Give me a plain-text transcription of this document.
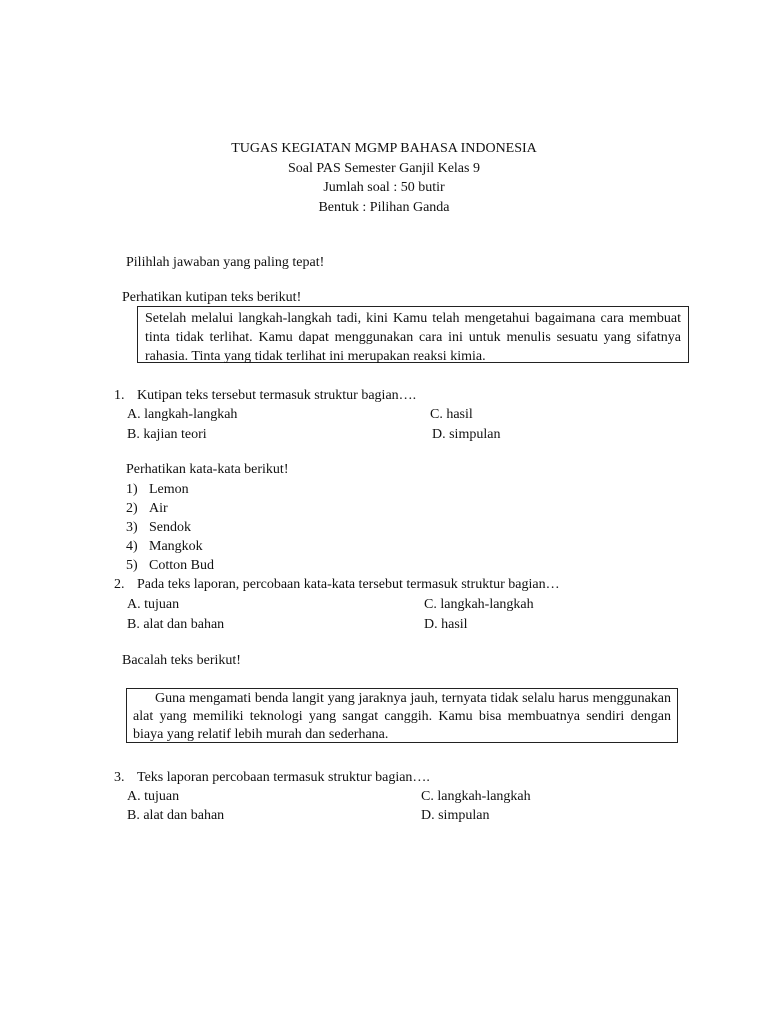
TUGAS KEGIATAN MGMP BAHASA INDONESIA
Soal PAS Semester Ganjil Kelas 9
Jumlah soal : 50 butir
Bentuk : Pilihan Ganda
Pilihlah jawaban yang paling tepat!
Perhatikan kutipan teks berikut!

Setelah melalui langkah-langkah tadi, kini Kamu telah mengetahui bagaimana cara membuat tinta tidak terlihat. Kamu dapat menggunakan cara ini untuk menulis sesuatu yang sifatnya rahasia. Tinta yang tidak terlihat ini merupakan reaksi kimia.

1. Kutipan teks tersebut termasuk struktur bagian….
A. langkah-langkah	C. hasil
B. kajian teori	D. simpulan
Perhatikan kata-kata berikut!
1) Lemon
2) Air
3) Sendok
4) Mangkok
5) Cotton Bud
2. Pada teks laporan, percobaan kata-kata tersebut termasuk struktur bagian…
A. tujuan	C. langkah-langkah
B. alat dan bahan	D. hasil
Bacalah teks berikut!

Guna mengamati benda langit yang jaraknya jauh, ternyata tidak selalu harus menggunakan alat yang memiliki teknologi yang sangat canggih. Kamu bisa membuatnya sendiri dengan biaya yang relatif lebih murah dan sederhana.

3. Teks laporan percobaan termasuk struktur bagian….
A. tujuan	C. langkah-langkah
B. alat dan bahan	D. simpulan
